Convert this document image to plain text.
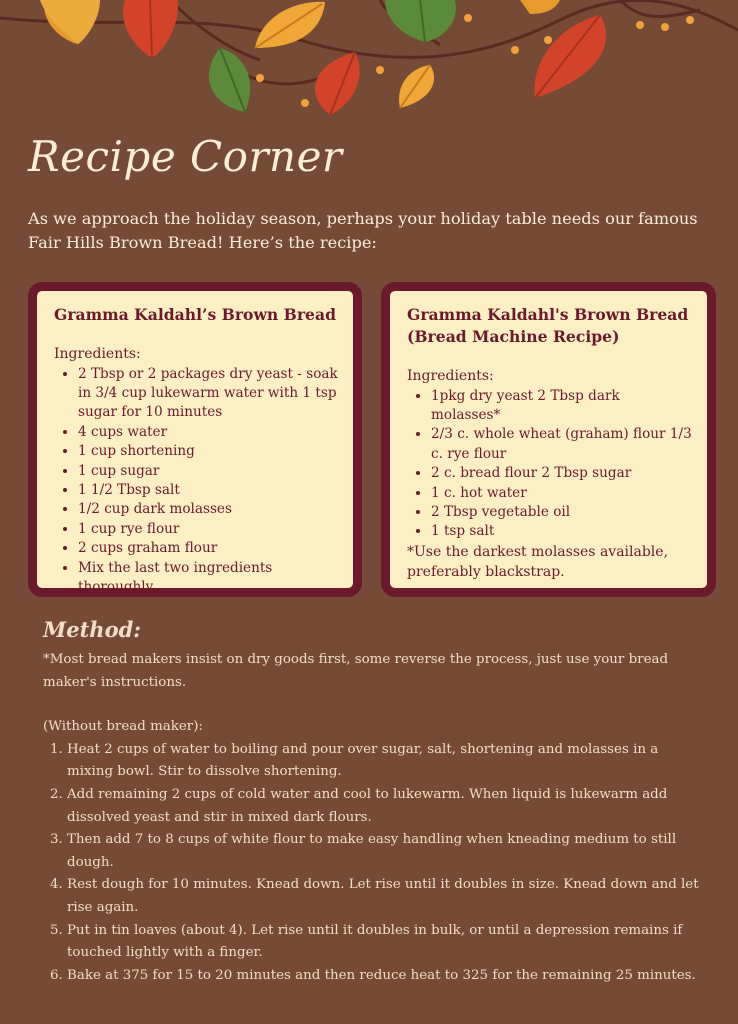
Recipe Corner
As we approach the holiday season, perhaps your holiday table needs our famous Fair Hills Brown Bread! Here’s the recipe:
Gramma Kaldahl’s Brown Bread

Ingredients:

• 2 Tbsp or 2 packages dry yeast - soak in 3/4 cup lukewarm water with 1 tsp sugar for 10 minutes
• 4 cups water
• 1 cup shortening
• 1 cup sugar
• 1 1/2 Tbsp salt
• 1/2 cup dark molasses
• 1 cup rye flour
• 2 cups graham flour
• Mix the last two ingredients thoroughly.
Gramma Kaldahl's Brown Bread (Bread Machine Recipe)

Ingredients:

• 1pkg dry yeast 2 Tbsp dark molasses*
• 2/3 c. whole wheat (graham) flour 1/3 c. rye flour
• 2 c. bread flour 2 Tbsp sugar
• 1 c. hot water
• 2 Tbsp vegetable oil
• 1 tsp salt

*Use the darkest molasses available, preferably blackstrap.

Method:

*Most bread makers insist on dry goods first, some reverse the process, just use your bread maker's instructions.

(Without bread maker):

1. Heat 2 cups of water to boiling and pour over sugar, salt, shortening and molasses in a mixing bowl. Stir to dissolve shortening.
2. Add remaining 2 cups of cold water and cool to lukewarm. When liquid is lukewarm add dissolved yeast and stir in mixed dark flours.
3. Then add 7 to 8 cups of white flour to make easy handling when kneading medium to still dough.
4. Rest dough for 10 minutes. Knead down. Let rise until it doubles in size. Knead down and let rise again.
5. Put in tin loaves (about 4). Let rise until it doubles in bulk, or until a depression remains if touched lightly with a finger.
6. Bake at 375 for 15 to 20 minutes and then reduce heat to 325 for the remaining 25 minutes.
